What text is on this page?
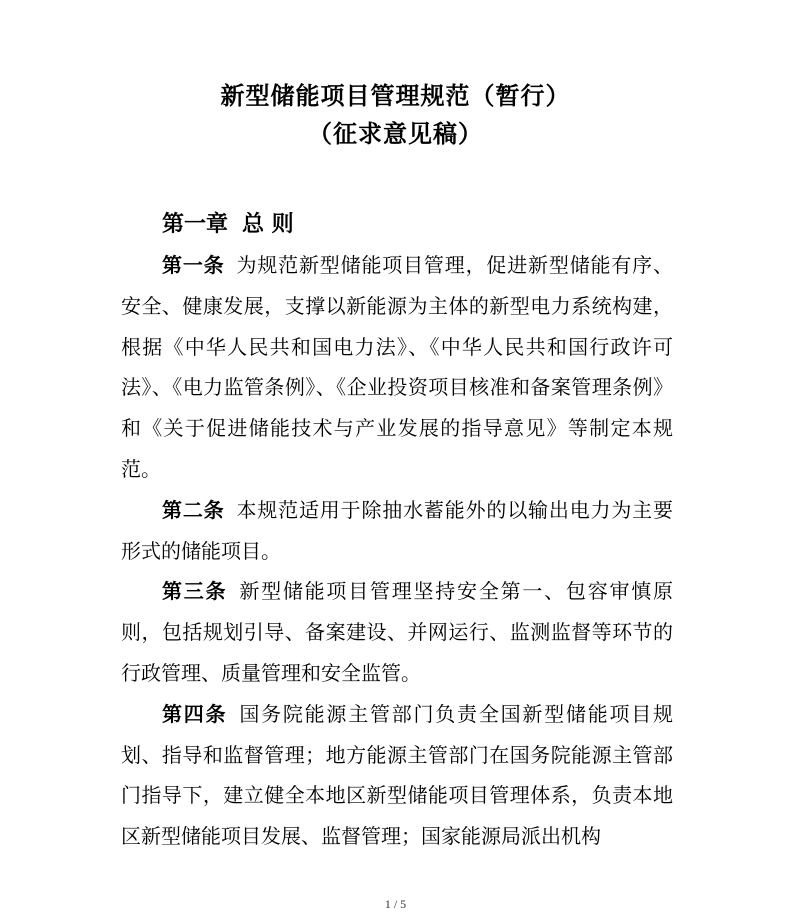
新型储能项目管理规范（暂行）
（征求意见稿）
第一章 总 则

第一条 为规范新型储能项目管理，促进新型储能有序、安全、健康发展，支撑以新能源为主体的新型电力系统构建，根据《中华人民共和国电力法》、《中华人民共和国行政许可法》、《电力监管条例》、《企业投资项目核准和备案管理条例》和《关于促进储能技术与产业发展的指导意见》等制定本规范。

第二条 本规范适用于除抽水蓄能外的以输出电力为主要形式的储能项目。

第三条 新型储能项目管理坚持安全第一、包容审慎原则，包括规划引导、备案建设、并网运行、监测监督等环节的行政管理、质量管理和安全监管。

第四条 国务院能源主管部门负责全国新型储能项目规划、指导和监督管理；地方能源主管部门在国务院能源主管部门指导下，建立健全本地区新型储能项目管理体系，负责本地区新型储能项目发展、监督管理；国家能源局派出机构

1 / 5
